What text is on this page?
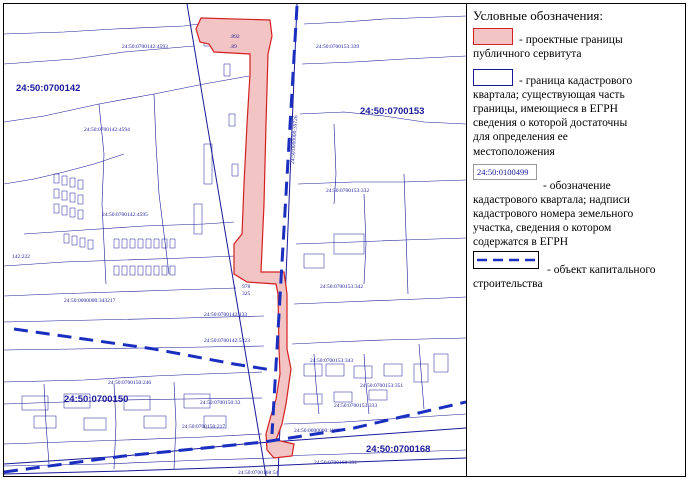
24:50:0700142
24:50:0700153
24:50:0700150
24:50:0700168
24:50:0700142:4593	24:50:0700153:339
24:50:0700142:4594
24:50:0700142:4595
24:50:0700153:332
24:50:0700153:342
24:50:0000000:343217
24:50:0700142:133
24:50:0700142:5323
24:50:0700153:343
24:50:0700150:246	24:50:0700153:351
24:50:0700150:33	24:50:0700153:333
24:50:0700150:217
24:50:0000000:1182
24:50:0700168:331
24:50:0700168:54
142:222
24:50:0000000:39726
.892
.89
978
325
Условные обозначения:
- проектные границы
публичного сервитута
- граница кадастрового
квартала; существующая часть
границы, имеющиеся в ЕГРН
сведения о которой достаточны
для определения ее
местоположения
24:50:0100499
- обозначение
кадастрового квартала; надписи
кадастрового номера земельного
участка, сведения о котором
содержатся в ЕГРН
- объект капитального
строительства
